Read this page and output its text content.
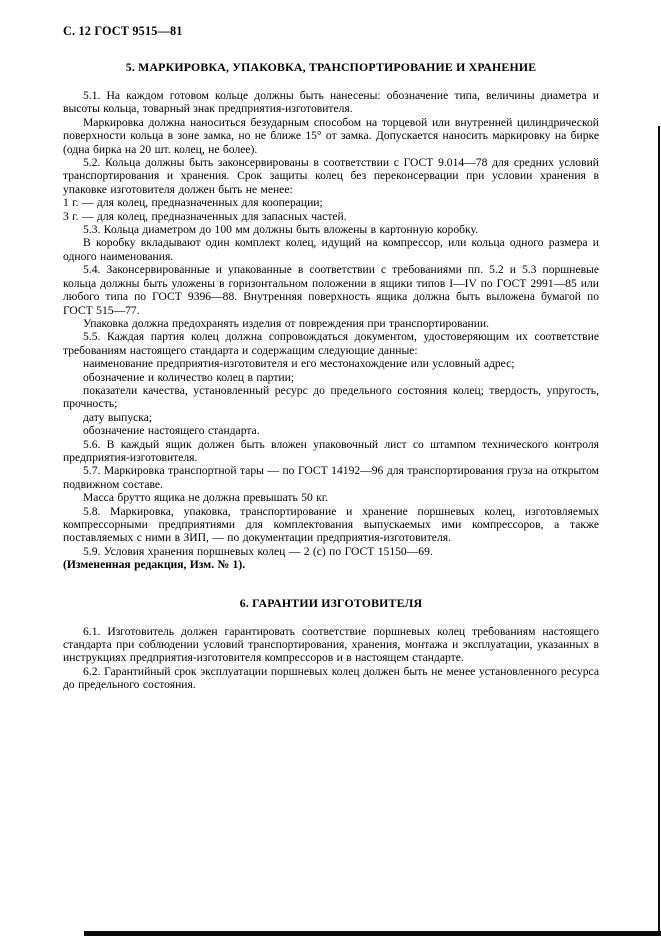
С. 12 ГОСТ 9515—81
5. МАРКИРОВКА, УПАКОВКА, ТРАНСПОРТИРОВАНИЕ И ХРАНЕНИЕ

5.1. На каждом готовом кольце должны быть нанесены: обозначение типа, величины диаметра и высоты кольца, товарный знак предприятия-изготовителя.

Маркировка должна наноситься безударным способом на торцевой или внутренней цилиндрической поверхности кольца в зоне замка, но не ближе 15° от замка. Допускается наносить маркировку на бирке (одна бирка на 20 шт. колец, не более).

5.2. Кольца должны быть законсервированы в соответствии с ГОСТ 9.014—78 для средних условий транспортирования и хранения. Срок защиты колец без переконсервации при условии хранения в упаковке изготовителя должен быть не менее:

1 г. — для колец, предназначенных для кооперации;

3 г. — для колец, предназначенных для запасных частей.

5.3. Кольца диаметром до 100 мм должны быть вложены в картонную коробку.

В коробку вкладывают один комплект колец, идущий на компрессор, или кольца одного размера и одного наименования.

5.4. Законсервированные и упакованные в соответствии с требованиями пп. 5.2 и 5.3 поршневые кольца должны быть уложены в горизонтальном положении в ящики типов I—IV по ГОСТ 2991—85 или любого типа по ГОСТ 9396—88. Внутренняя поверхность ящика должна быть выложена бумагой по ГОСТ 515—77.

Упаковка должна предохранять изделия от повреждения при транспортировании.

5.5. Каждая партия колец должна сопровождаться документом, удостоверяющим их соответствие требованиям настоящего стандарта и содержащим следующие данные:

наименование предприятия-изготовителя и его местонахождение или условный адрес;

обозначение и количество колец в партии;

показатели качества, установленный ресурс до предельного состояния колец; твердость, упругость, прочность;

дату выпуска;

обозначение настоящего стандарта.

5.6. В каждый ящик должен быть вложен упаковочный лист со штампом технического контроля предприятия-изготовителя.

5.7. Маркировка транспортной тары — по ГОСТ 14192—96 для транспортирования груза на открытом подвижном составе.

Масса брутто ящика не должна превышать 50 кг.

5.8. Маркировка, упаковка, транспортирование и хранение поршневых колец, изготовляемых компрессорными предприятиями для комплектования выпускаемых ими компрессоров, а также поставляемых с ними в ЗИП, — по документации предприятия-изготовителя.

5.9. Условия хранения поршневых колец — 2 (с) по ГОСТ 15150—69.

(Измененная редакция, Изм. № 1).

6. ГАРАНТИИ ИЗГОТОВИТЕЛЯ

6.1. Изготовитель должен гарантировать соответствие поршневых колец требованиям настоящего стандарта при соблюдении условий транспортирования, хранения, монтажа и эксплуатации, указанных в инструкциях предприятия-изготовителя компрессоров и в настоящем стандарте.

6.2. Гарантийный срок эксплуатации поршневых колец должен быть не менее установленного ресурса до предельного состояния.
